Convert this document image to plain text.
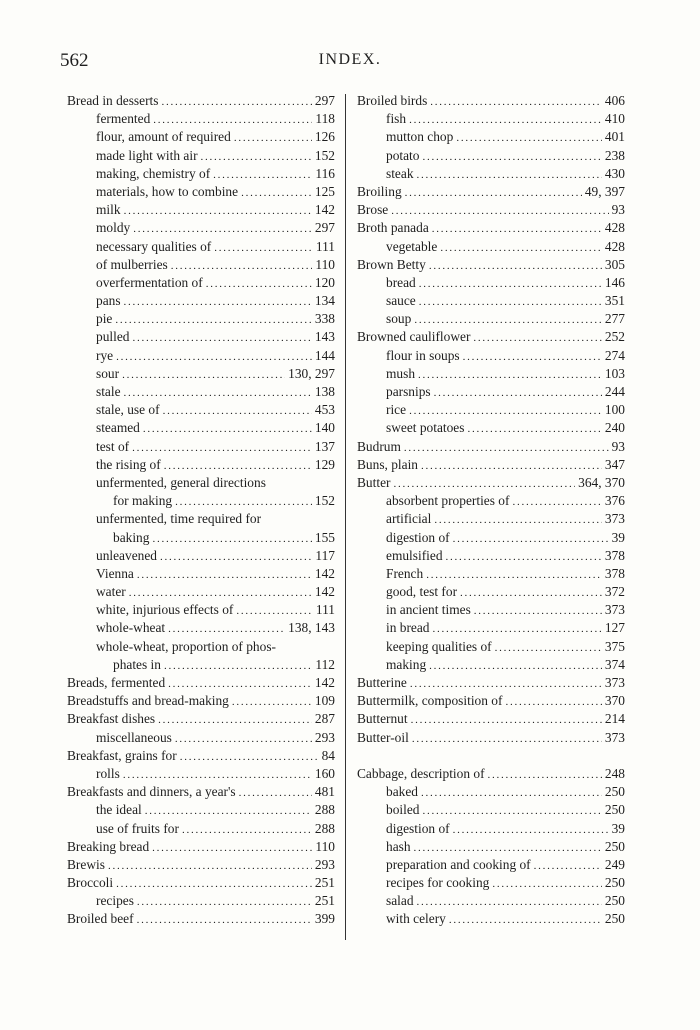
562	INDEX.
Bread in desserts . . .	297
fermented . . .	118
flour, amount of required . . .	126
made light with air . . .	152
making, chemistry of . . .	116
materials, how to combine . . .	125
milk . . .	142
moldy . . .	297
necessary qualities of . . .	111
of mulberries . . .	110
overfermentation of . . .	120
pans . . .	134
pie . . .	338
pulled . . .	143
rye . . .	144
sour . . .	130, 297
stale . . .	138
stale, use of . . .	453
steamed . . .	140
test of . . .	137
the rising of . . .	129
unfermented, general directions
for making . . .	152
unfermented, time required for
baking . . .	155
unleavened . . .	117
Vienna . . .	142
water . . .	142
white, injurious effects of . . .	111
whole-wheat . . .	138, 143
whole-wheat, proportion of phos-
phates in . . .	112
Breads, fermented . . .	142
Breadstuffs and bread-making . . .	109
Breakfast dishes . . .	287
miscellaneous . . .	293
Breakfast, grains for . . .	84
rolls . . .	160
Breakfasts and dinners, a year's . . .	481
the ideal . . .	288
use of fruits for . . .	288
Breaking bread . . .	110
Brewis . . .	293
Broccoli . . .	251
recipes . . .	251
Broiled beef . . .	399
Broiled birds . . .	406
fish . . .	410
mutton chop . . .	401
potato . . .	238
steak . . .	430
Broiling . . .	49, 397
Brose . . .	93
Broth panada . . .	428
vegetable . . .	428
Brown Betty . . .	305
bread . . .	146
sauce . . .	351
soup . . .	277
Browned cauliflower . . .	252
flour in soups . . .	274
mush . . .	103
parsnips . . .	244
rice . . .	100
sweet potatoes . . .	240
Budrum . . .	93
Buns, plain . . .	347
Butter . . .	364, 370
absorbent properties of . . .	376
artificial . . .	373
digestion of . . .	39
emulsified . . .	378
French . . .	378
good, test for . . .	372
in ancient times . . .	373
in bread . . .	127
keeping qualities of . . .	375
making . . .	374
Butterine . . .	373
Buttermilk, composition of . . .	370
Butternut . . .	214
Butter-oil . . .	373
Cabbage, description of . . .	248
baked . . .	250
boiled . . .	250
digestion of . . .	39
hash . . .	250
preparation and cooking of . . .	249
recipes for cooking . . .	250
salad . . .	250
with celery . . .	250
